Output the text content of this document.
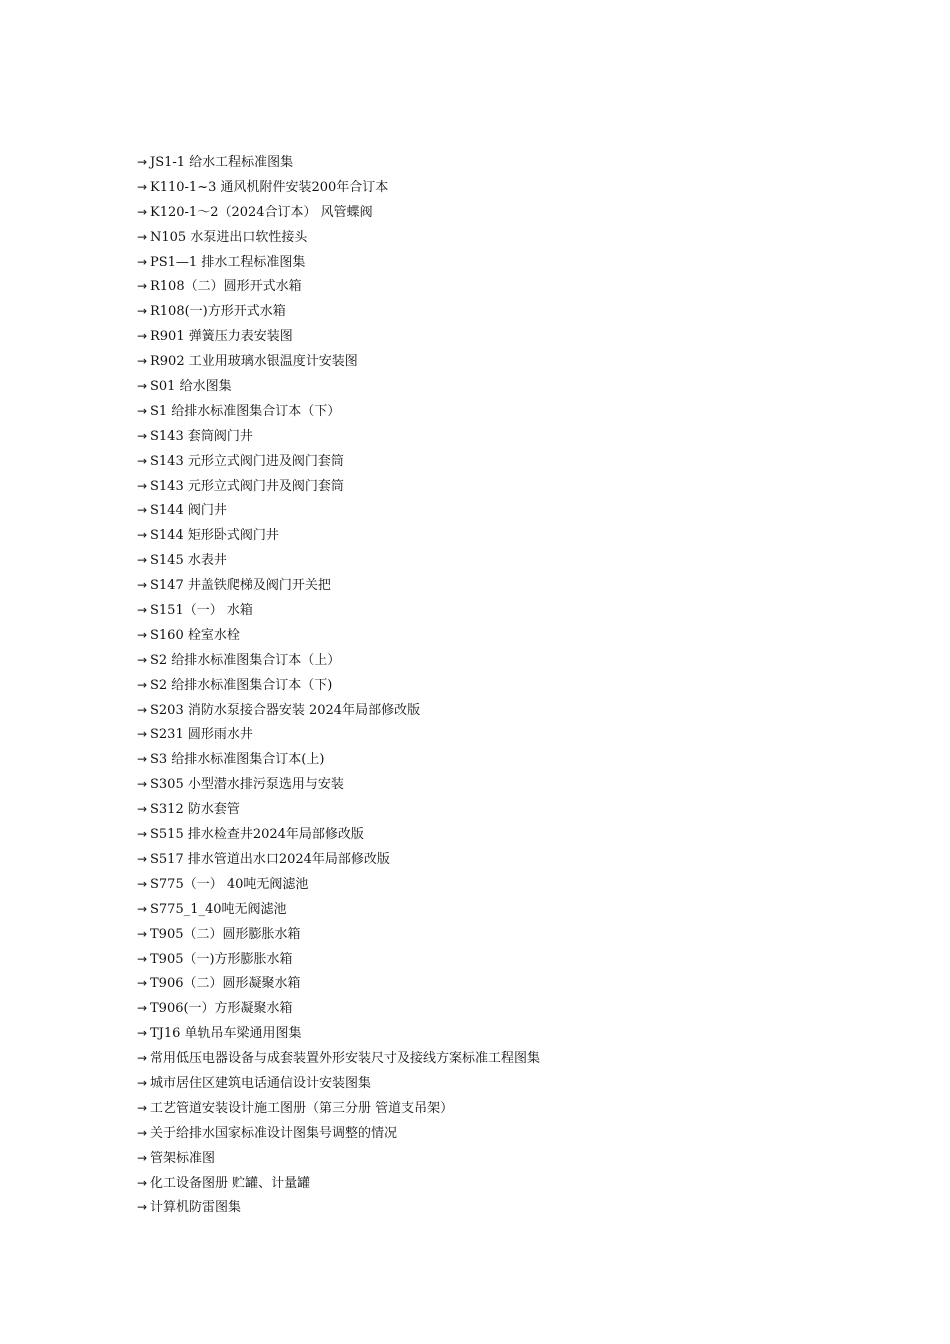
→ JS1-1 给水工程标准图集
→ K110-1~3 通风机附件安装200年合订本
→ K120-1～2（2024合订本） 风管蝶阀
→ N105 水泵进出口软性接头
→ PS1—1 排水工程标准图集
→ R108（二）圆形开式水箱
→ R108(一)方形开式水箱
→ R901 弹簧压力表安装图
→ R902 工业用玻璃水银温度计安装图
→ S01 给水图集
→ S1 给排水标准图集合订本（下）
→ S143 套筒阀门井
→ S143 元形立式阀门进及阀门套筒
→ S143 元形立式阀门井及阀门套筒
→ S144 阀门井
→ S144 矩形卧式阀门井
→ S145 水表井
→ S147 井盖铁爬梯及阀门开关把
→ S151（一） 水箱
→ S160 栓室水栓
→ S2 给排水标准图集合订本（上）
→ S2 给排水标准图集合订本（下)
→ S203 消防水泵接合器安装 2024年局部修改版
→ S231 圆形雨水井
→ S3 给排水标准图集合订本(上)
→ S305 小型潜水排污泵选用与安装
→ S312 防水套管
→ S515 排水检查井2024年局部修改版
→ S517 排水管道出水口2024年局部修改版
→ S775（一） 40吨无阀滤池
→ S775_1_40吨无阀滤池
→ T905（二）圆形膨胀水箱
→ T905（一)方形膨胀水箱
→ T906（二）圆形凝聚水箱
→ T906(一）方形凝聚水箱
→ TJ16 单轨吊车梁通用图集
→ 常用低压电器设备与成套装置外形安装尺寸及接线方案标准工程图集
→ 城市居住区建筑电话通信设计安装图集
→ 工艺管道安装设计施工图册（第三分册 管道支吊架）
→ 关于给排水国家标准设计图集号调整的情况
→ 管架标准图
→ 化工设备图册 贮罐、计量罐
→ 计算机防雷图集
